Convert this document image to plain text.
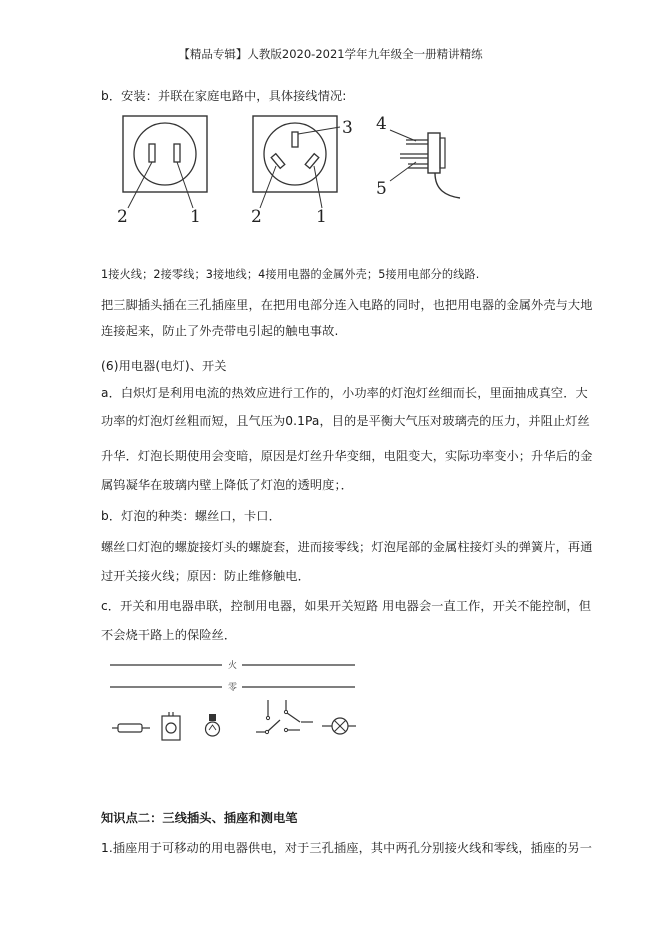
【精品专辑】人教版2020-2021学年九年级全一册精讲精练
b．安装：并联在家庭电路中，具体接线情况:
2	1
3
2	1
4
5
1接火线；2接零线；3接地线；4接用电器的金属外壳；5接用电部分的线路.
把三脚插头插在三孔插座里，在把用电部分连入电路的同时，也把用电器的金属外壳与大地
连接起来，防止了外壳带电引起的触电事故.
(6)用电器(电灯)、开关
a．白炽灯是利用电流的热效应进行工作的，小功率的灯泡灯丝细而长，里面抽成真空．大
功率的灯泡灯丝粗而短，且气压为0.1Pa，目的是平衡大气压对玻璃壳的压力，并阻止灯丝
升华．灯泡长期使用会变暗，原因是灯丝升华变细，电阻变大，实际功率变小；升华后的金
属钨凝华在玻璃内壁上降低了灯泡的透明度；．
b．灯泡的种类：螺丝口，卡口．
螺丝口灯泡的螺旋接灯头的螺旋套，进而接零线；灯泡尾部的金属柱接灯头的弹簧片，再通
过开关接火线；原因：防止维修触电．
c．开关和用电器串联，控制用电器，如果开关短路 用电器会一直工作，开关不能控制，但
不会烧干路上的保险丝．
火
零
知识点二：三线插头、插座和测电笔
1.插座用于可移动的用电器供电，对于三孔插座，其中两孔分别接火线和零线，插座的另一
